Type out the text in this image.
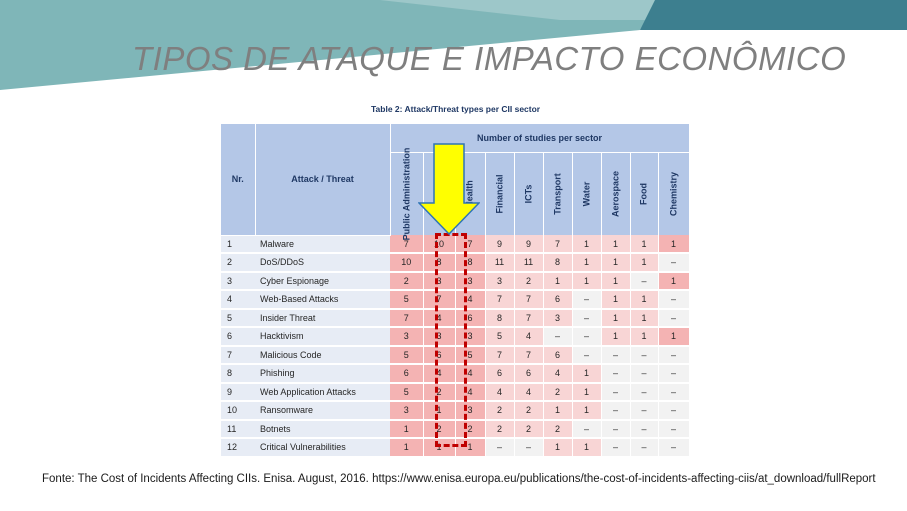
TIPOS DE ATAQUE E IMPACTO ECONÔMICO
Table 2: Attack/Threat types per CII sector
Nr.	Attack / Threat	Number of studies per sector									

		Public Administration		Health	Financial	ICTs	Transport	Water	Aerospace	Food	Chemistry

1	Malware	7	10	7	9	9	7	1	1	1	1
2	DoS/DDoS	10	8	8	11	11	8	1	1	1	–
3	Cyber Espionage	2	3	3	3	2	1	1	1	–	1
4	Web-Based Attacks	5	7	4	7	7	6	–	1	1	–
5	Insider Threat	7	4	6	8	7	3	–	1	1	–
6	Hacktivism	3	3	3	5	4	–	–	1	1	1
7	Malicious Code	5	6	5	7	7	6	–	–	–	–
8	Phishing	6	4	4	6	6	4	1	–	–	–
9	Web Application Attacks	5	2	4	4	4	2	1	–	–	–
10	Ransomware	3	1	3	2	2	1	1	–	–	–
11	Botnets	1	2	2	2	2	2	–	–	–	–
12	Critical Vulnerabilities	1	1	1	–	–	1	1	–	–	–
Fonte: The Cost of Incidents Affecting CIIs. Enisa. August, 2016. https://www.enisa.europa.eu/publications/the-cost-of-incidents-affecting-ciis/at_download/fullReport
